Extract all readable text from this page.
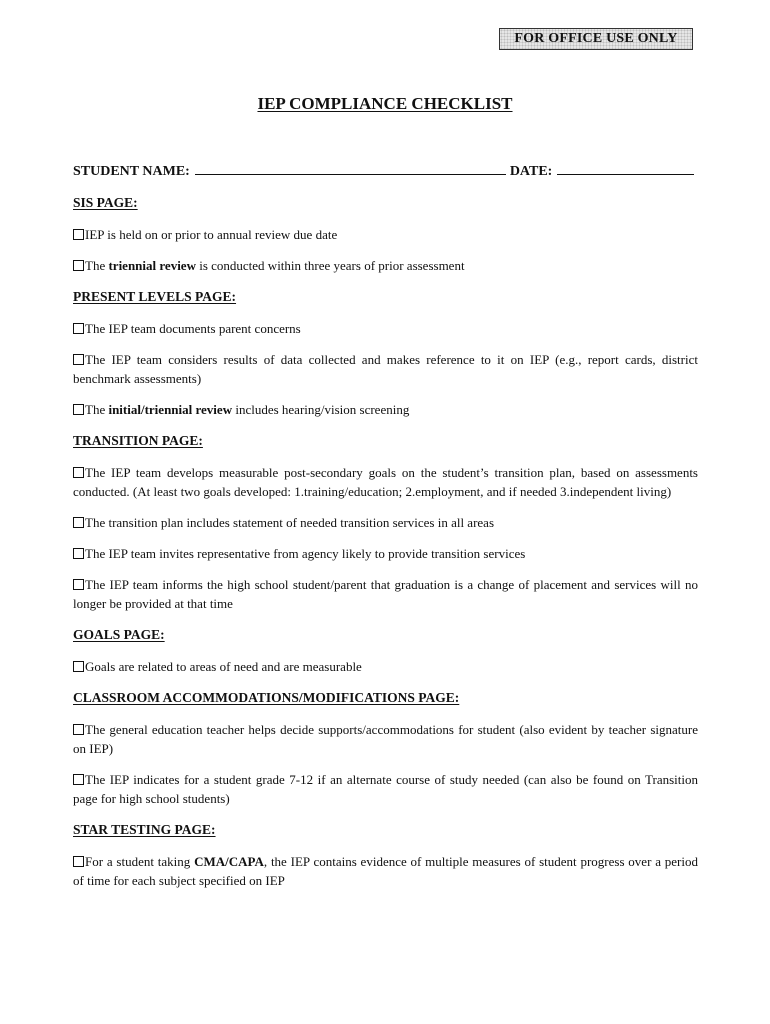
FOR OFFICE USE ONLY
IEP COMPLIANCE CHECKLIST
STUDENT NAME:	DATE:
SIS PAGE:
IEP is held on or prior to annual review due date
The triennial review is conducted within three years of prior assessment
PRESENT LEVELS PAGE:
The IEP team documents parent concerns
The IEP team considers results of data collected and makes reference to it on IEP (e.g., report cards, district benchmark assessments)
The initial/triennial review includes hearing/vision screening
TRANSITION PAGE:
The IEP team develops measurable post-secondary goals on the student’s transition plan, based on assessments conducted. (At least two goals developed: 1.training/education; 2.employment, and if needed 3.independent living)
The transition plan includes statement of needed transition services in all areas
The IEP team invites representative from agency likely to provide transition services
The IEP team informs the high school student/parent that graduation is a change of placement and services will no longer be provided at that time
GOALS PAGE:
Goals are related to areas of need and are measurable
CLASSROOM ACCOMMODATIONS/MODIFICATIONS PAGE:
The general education teacher helps decide supports/accommodations for student (also evident by teacher signature on IEP)
The IEP indicates for a student grade 7-12 if an alternate course of study needed (can also be found on Transition page for high school students)
STAR TESTING PAGE:
For a student taking CMA/CAPA, the IEP contains evidence of multiple measures of student progress over a period of time for each subject specified on IEP
